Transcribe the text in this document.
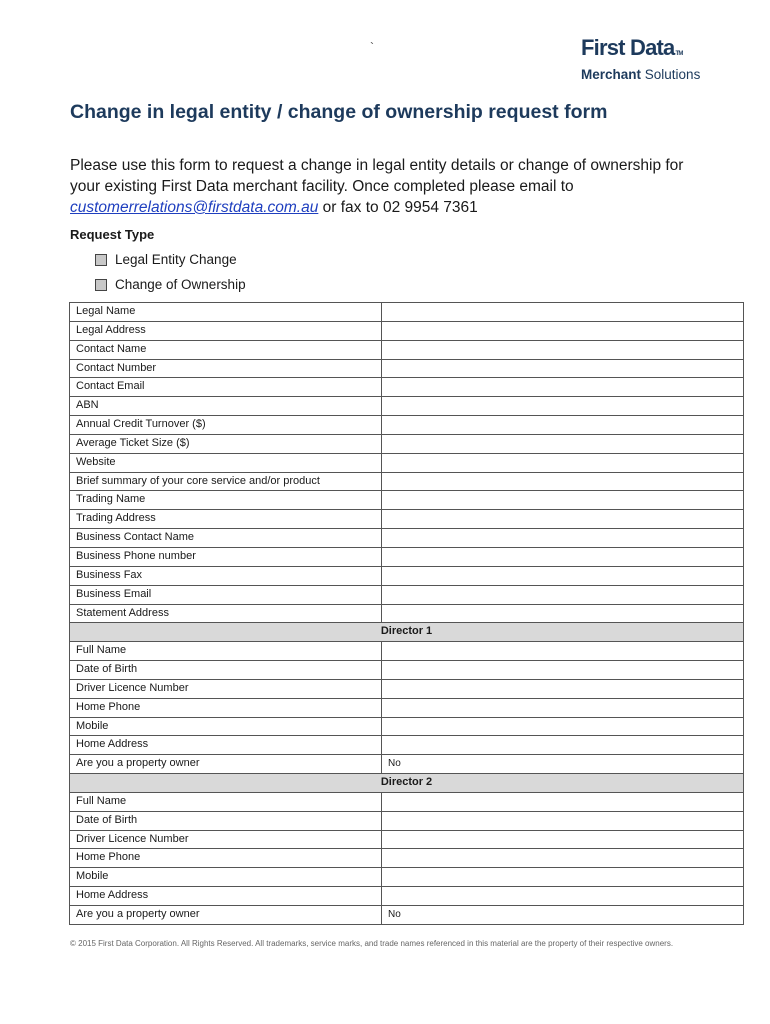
`	First DataTM
Merchant Solutions
Change in legal entity / change of ownership request form

Please use this form to request a change in legal entity details or change of ownership for your existing First Data merchant facility. Once completed please email to customerrelations@firstdata.com.au or fax to 02 9954 7361

Request Type
Legal Entity Change
Change of Ownership
Legal Name	
Legal Address	
Contact Name	
Contact Number	
Contact Email	
ABN	
Annual Credit Turnover ($)	
Average Ticket Size ($)	
Website	
Brief summary of your core service and/or product	
Trading Name	
Trading Address	
Business Contact Name	
Business Phone number	
Business Fax	
Business Email	
Statement Address	
Director 1	
Full Name	
Date of Birth	
Driver Licence Number	
Home Phone	
Mobile	
Home Address	
Are you a property owner	No
Director 2	
Full Name	
Date of Birth	
Driver Licence Number	
Home Phone	
Mobile	
Home Address	
Are you a property owner	No
© 2015 First Data Corporation. All Rights Reserved. All trademarks, service marks, and trade names referenced in this material are the property of their respective owners.
